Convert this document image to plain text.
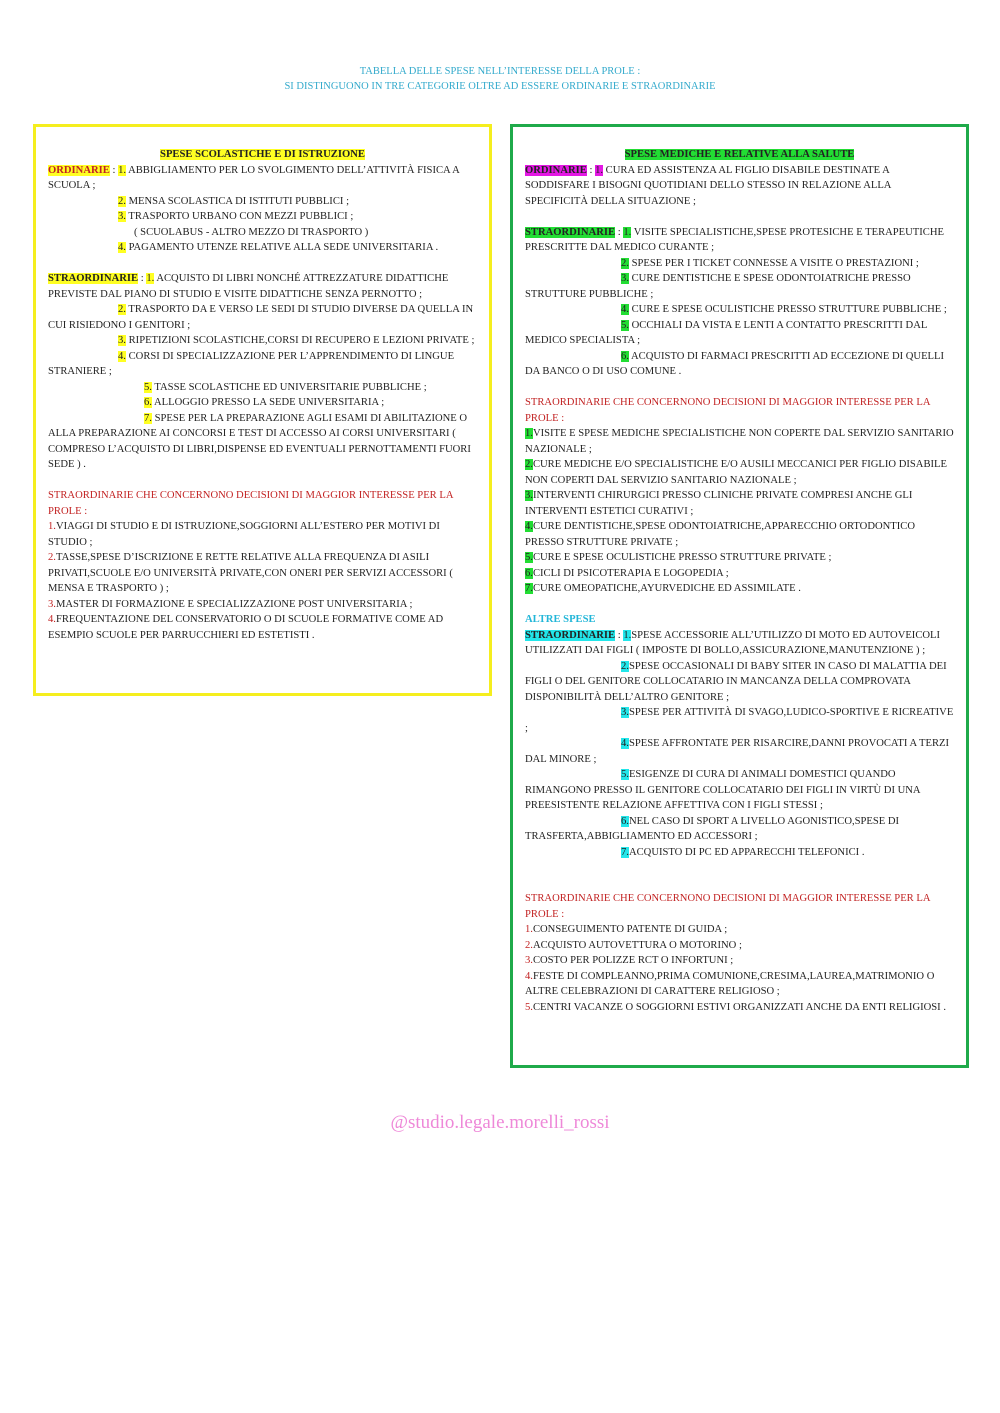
TABELLA DELLE SPESE NELL’INTERESSE DELLA PROLE :
SI DISTINGUONO IN TRE CATEGORIE OLTRE AD ESSERE ORDINARIE E STRAORDINARIE
SPESE SCOLASTICHE E DI ISTRUZIONE
ORDINARIE : 1. ABBIGLIAMENTO PER LO SVOLGIMENTO DELL’ATTIVITÀ FISICA A
SCUOLA ;
2. MENSA SCOLASTICA DI ISTITUTI PUBBLICI ;
3. TRASPORTO URBANO CON MEZZI PUBBLICI ;
( SCUOLABUS - ALTRO MEZZO DI TRASPORTO )
4. PAGAMENTO UTENZE RELATIVE ALLA SEDE UNIVERSITARIA .
STRAORDINARIE : 1. ACQUISTO DI LIBRI NONCHÉ ATTREZZATURE DIDATTICHE PREVISTE DAL PIANO DI STUDIO E VISITE DIDATTICHE SENZA PERNOTTO ;
2. TRASPORTO DA E VERSO LE SEDI DI STUDIO DIVERSE DA QUELLA IN CUI RISIEDONO I GENITORI ;
3. RIPETIZIONI SCOLASTICHE,CORSI DI RECUPERO E LEZIONI PRIVATE ;
4. CORSI DI SPECIALIZZAZIONE PER L’APPRENDIMENTO DI LINGUE STRANIERE ;
5. TASSE SCOLASTICHE ED UNIVERSITARIE PUBBLICHE ;
6. ALLOGGIO PRESSO LA SEDE UNIVERSITARIA ;
7. SPESE PER LA PREPARAZIONE AGLI ESAMI DI ABILITAZIONE O ALLA PREPARAZIONE AI CONCORSI E TEST DI ACCESSO AI CORSI UNIVERSITARI ( COMPRESO L’ACQUISTO DI LIBRI,DISPENSE ED EVENTUALI PERNOTTAMENTI FUORI SEDE ) .
STRAORDINARIE CHE CONCERNONO DECISIONI DI MAGGIOR INTERESSE PER LA PROLE :
1.VIAGGI DI STUDIO E DI ISTRUZIONE,SOGGIORNI ALL’ESTERO PER MOTIVI DI STUDIO ;
2.TASSE,SPESE D’ISCRIZIONE E RETTE RELATIVE ALLA FREQUENZA DI ASILI PRIVATI,SCUOLE E/O UNIVERSITÀ PRIVATE,CON ONERI PER SERVIZI ACCESSORI ( MENSA E TRASPORTO ) ;
3.MASTER DI FORMAZIONE E SPECIALIZZAZIONE POST UNIVERSITARIA ;
4.FREQUENTAZIONE DEL CONSERVATORIO O DI SCUOLE FORMATIVE COME AD ESEMPIO SCUOLE PER PARRUCCHIERI ED ESTETISTI .
SPESE MEDICHE E RELATIVE ALLA SALUTE
ORDINARIE : 1. CURA ED ASSISTENZA AL FIGLIO DISABILE DESTINATE A SODDISFARE I BISOGNI QUOTIDIANI DELLO STESSO IN RELAZIONE ALLA SPECIFICITÀ DELLA SITUAZIONE ;
STRAORDINARIE : 1. VISITE SPECIALISTICHE,SPESE PROTESICHE E TERAPEUTICHE PRESCRITTE DAL MEDICO CURANTE ;
2. SPESE PER I TICKET CONNESSE A VISITE O PRESTAZIONI ;
3. CURE DENTISTICHE E SPESE ODONTOIATRICHE PRESSO STRUTTURE PUBBLICHE ;
4. CURE E SPESE OCULISTICHE PRESSO STRUTTURE PUBBLICHE ;
5. OCCHIALI DA VISTA E LENTI A CONTATTO PRESCRITTI DAL MEDICO SPECIALISTA ;
6. ACQUISTO DI FARMACI PRESCRITTI AD ECCEZIONE DI QUELLI DA BANCO O DI USO COMUNE .
STRAORDINARIE CHE CONCERNONO DECISIONI DI MAGGIOR INTERESSE PER LA PROLE :
1.VISITE E SPESE MEDICHE SPECIALISTICHE NON COPERTE DAL SERVIZIO SANITARIO NAZIONALE ;
2.CURE MEDICHE E/O SPECIALISTICHE E/O AUSILI MECCANICI PER FIGLIO DISABILE NON COPERTI DAL SERVIZIO SANITARIO NAZIONALE ;
3.INTERVENTI CHIRURGICI PRESSO CLINICHE PRIVATE COMPRESI ANCHE GLI INTERVENTI ESTETICI CURATIVI ;
4.CURE DENTISTICHE,SPESE ODONTOIATRICHE,APPARECCHIO ORTODONTICO PRESSO STRUTTURE PRIVATE ;
5.CURE E SPESE OCULISTICHE PRESSO STRUTTURE PRIVATE ;
6.CICLI DI PSICOTERAPIA E LOGOPEDIA ;
7.CURE OMEOPATICHE,AYURVEDICHE ED ASSIMILATE .
ALTRE SPESE
STRAORDINARIE : 1.SPESE ACCESSORIE ALL’UTILIZZO DI MOTO ED AUTOVEICOLI UTILIZZATI DAI FIGLI ( IMPOSTE DI BOLLO,ASSICURAZIONE,MANUTENZIONE ) ;
2.SPESE OCCASIONALI DI BABY SITER IN CASO DI MALATTIA DEI FIGLI O DEL GENITORE COLLOCATARIO IN MANCANZA DELLA COMPROVATA DISPONIBILITÀ DELL’ALTRO GENITORE ;
3.SPESE PER ATTIVITÀ DI SVAGO,LUDICO-SPORTIVE E RICREATIVE ;
4.SPESE AFFRONTATE PER RISARCIRE,DANNI PROVOCATI A TERZI DAL MINORE ;
5.ESIGENZE DI CURA DI ANIMALI DOMESTICI QUANDO RIMANGONO PRESSO IL GENITORE COLLOCATARIO DEI FIGLI IN VIRTÙ DI UNA PREESISTENTE RELAZIONE AFFETTIVA CON I FIGLI STESSI ;
6.NEL CASO DI SPORT A LIVELLO AGONISTICO,SPESE DI TRASFERTA,ABBIGLIAMENTO ED ACCESSORI ;
7.ACQUISTO DI PC ED APPARECCHI TELEFONICI .
STRAORDINARIE CHE CONCERNONO DECISIONI DI MAGGIOR INTERESSE PER LA PROLE :
1.CONSEGUIMENTO PATENTE DI GUIDA ;
2.ACQUISTO AUTOVETTURA O MOTORINO ;
3.COSTO PER POLIZZE RCT O INFORTUNI ;
4.FESTE DI COMPLEANNO,PRIMA COMUNIONE,CRESIMA,LAUREA,MATRIMONIO O ALTRE CELEBRAZIONI DI CARATTERE RELIGIOSO ;
5.CENTRI VACANZE O SOGGIORNI ESTIVI ORGANIZZATI ANCHE DA ENTI RELIGIOSI .
@studio.legale.morelli_rossi
